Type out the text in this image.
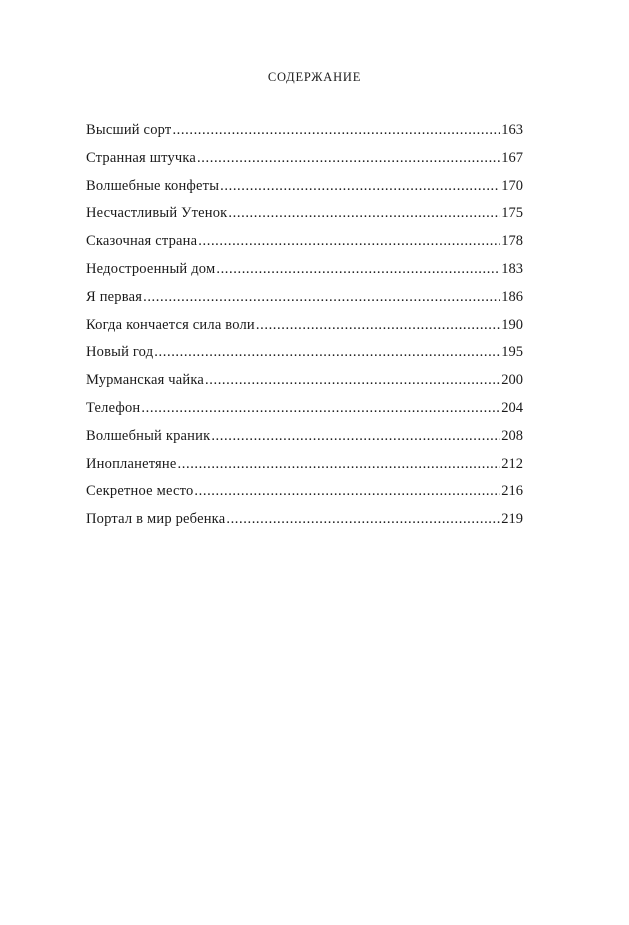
СОДЕРЖАНИЕ
Высший сорт .....	163
Странная штучка .....	167
Волшебные конфеты .....	170
Несчастливый Утенок .....	175
Сказочная страна .....	178
Недостроенный дом .....	183
Я первая .....	186
Когда кончается сила воли .....	190
Новый год .....	195
Мурманская чайка .....	200
Телефон .....	204
Волшебный краник .....	208
Инопланетяне .....	212
Секретное место .....	216
Портал в мир ребенка .....	219
